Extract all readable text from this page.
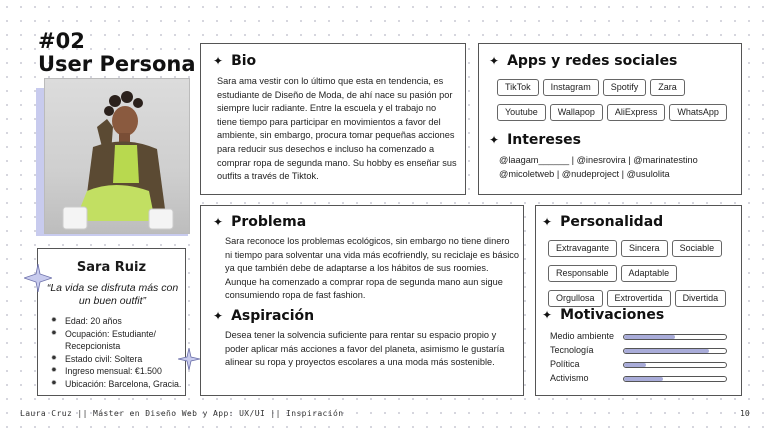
#02
User Persona
Sara Ruiz
“La vida se disfruta más con un buen outfit”
✹ Edad: 20 años
✹ Ocupación: Estudiante/ Recepcionista
✹ Estado civil: Soltera
✹ Ingreso mensual: €1.500
✹ Ubicación: Barcelona, Gracia.
✦ Bio
Sara ama vestir con lo último que esta en tendencia, es estudiante de Diseño de Moda, de ahí nace su pasión por siempre lucir radiante. Entre la escuela y el trabajo no tiene tiempo para participar en movimientos a favor del ambiente, sin embargo, procura tomar pequeñas acciones para reducir sus desechos e incluso ha comenzado a comprar ropa de segunda mano. Su hobby es enseñar sus outfits a través de Tiktok.
✦ Apps y redes sociales
TikTok Instagram Spotify Zara
Youtube Wallapop AliExpress WhatsApp
✦ Intereses
@laagam______ | @inesrovira | @marinatestino @micoletweb | @nudeproject | @usulolita
✦ Problema
Sara reconoce los problemas ecológicos, sin embargo no tiene dinero ni tiempo para solventar una vida más ecofriendly, su reciclaje es básico ya que también debe de adaptarse a los hábitos de sus roomies. Aunque ha comenzado a comprar ropa de segunda mano aun sigue consumiendo ropa de fast fashion.
✦ Aspiración
Desea tener la solvencia suficiente para rentar su espacio propio y poder aplicar más acciones a favor del planeta, asimismo le gustaría alinear su ropa y proyectos escolares a una moda más sostenible.
✦ Personalidad
Extravagante Sincera Sociable
Responsable Adaptable
Orgullosa Extrovertida Divertida
✦ Motivaciones
Medio ambiente
Tecnología
Política
Activismo
Laura Cruz || Máster en Diseño Web y App: UX/UI || Inspiración	10
